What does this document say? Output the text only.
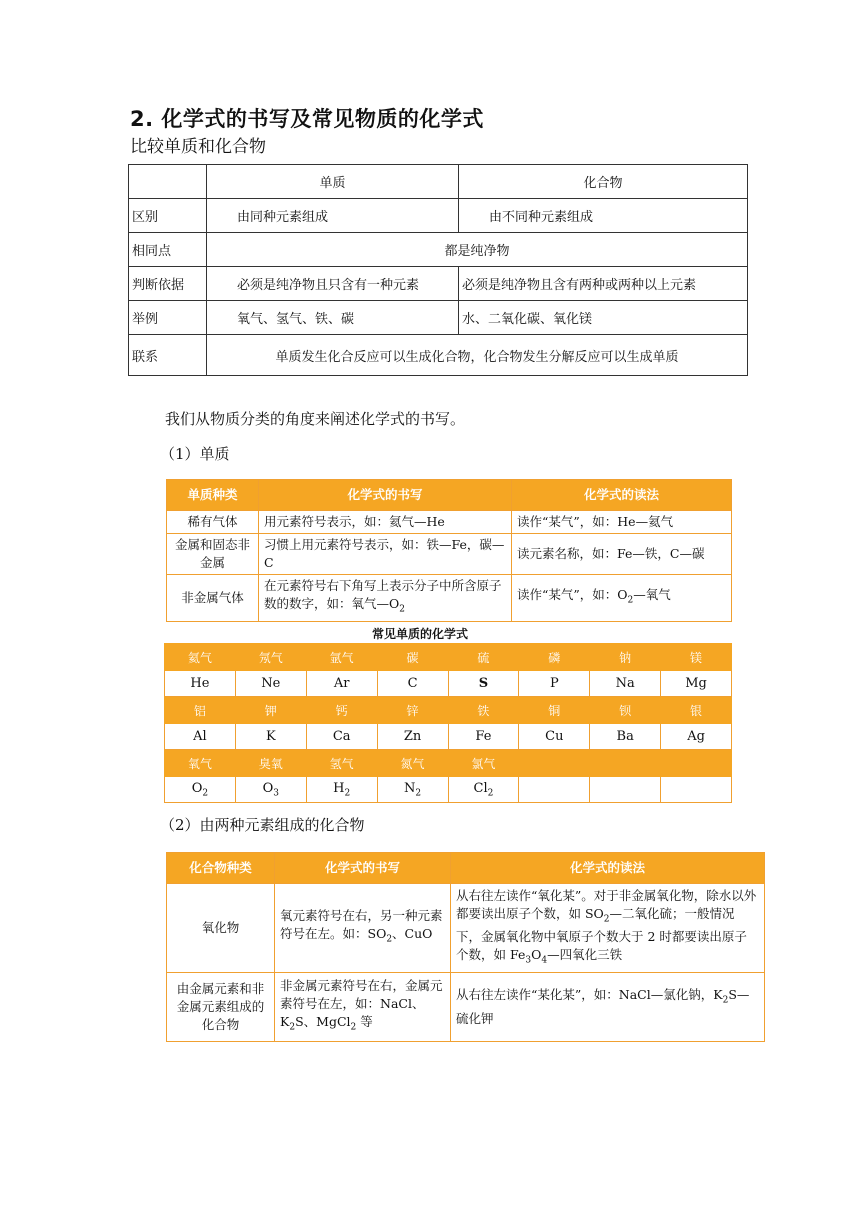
2. 化学式的书写及常见物质的化学式
比较单质和化合物
	单质	化合物
区别	由同种元素组成	由不同种元素组成
相同点	都是纯净物	
判断依据	必须是纯净物且只含有一种元素	必须是纯净物且含有两种或两种以上元素
举例	氧气、氢气、铁、碳	水、二氧化碳、氧化镁
联系	单质发生化合反应可以生成化合物，化合物发生分解反应可以生成单质	
我们从物质分类的角度来阐述化学式的书写。
（1）单质
单质种类	化学式的书写	化学式的读法
稀有气体	用元素符号表示，如：氦气—He	读作“某气”，如：He—氦气
金属和固态非金属	习惯上用元素符号表示，如：铁—Fe，碳—C	读元素名称，如：Fe—铁，C—碳
非金属气体	在元素符号右下角写上表示分子中所含原子数的数字，如：氧气$—O_2$	读作“某气”，如：$O_2—$氧气
常见单质的化学式
氦气	氖气	氩气	碳	硫	磷	钠	镁
He	Ne	Ar	C	S	P	Na	Mg
铝	钾	钙	锌	铁	铜	钡	银
Al	K	Ca	Zn	Fe	Cu	Ba	Ag
氧气	臭氧	氢气	氮气	氯气			
$O_2$	$O_3$	$H_2$	$N_2$	$Cl_2$			
（2）由两种元素组成的化合物
化合物种类	化学式的书写	化学式的读法
氧化物	氧元素符号在右，另一种元素符号在左。如：$SO_2$、CuO	从右往左读作“氧化某”。对于非金属氧化物，除水以外都要读出原子个数，如 $SO_2—$二氧化硫；一般情况下，金属氧化物中氧原子个数大于 2 时都要读出原子个数，如 $Fe_3O_4—$四氧化三铁
由金属元素和非金属元素组成的化合物	非金属元素符号在右，金属元素符号在左，如：NaCl、$K_2S$、MgCl$_2$ 等	从右往左读作“某化某”，如：NaCl—氯化钠，$K_2S—$硫化钾
